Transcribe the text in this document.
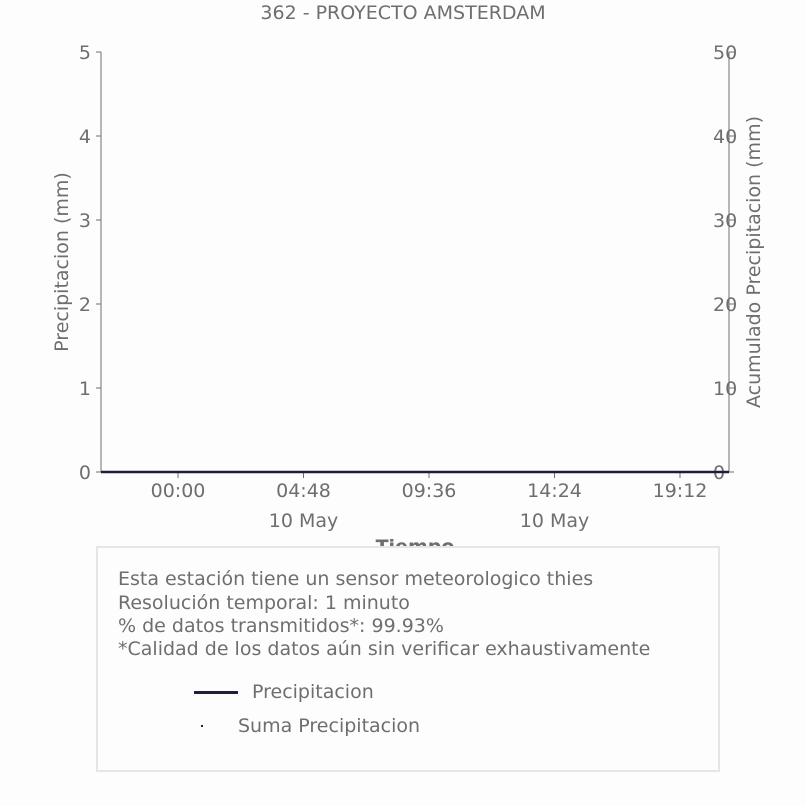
362 - PROYECTO AMSTERDAM
0
1
2
3
4
5
0
10
20
30
40
50
00:00	04:48
10 May
09:36	14:24
10 May
19:12
Precipitacion (mm)	Acumulado Precipitacion (mm)
Esta estación tiene un sensor meteorologico thies
Resolución temporal: 1 minuto
% de datos transmitidos*: 99.93%
*Calidad de los datos aún sin verificar exhaustivamente
Precipitacion
Suma Precipitacion
